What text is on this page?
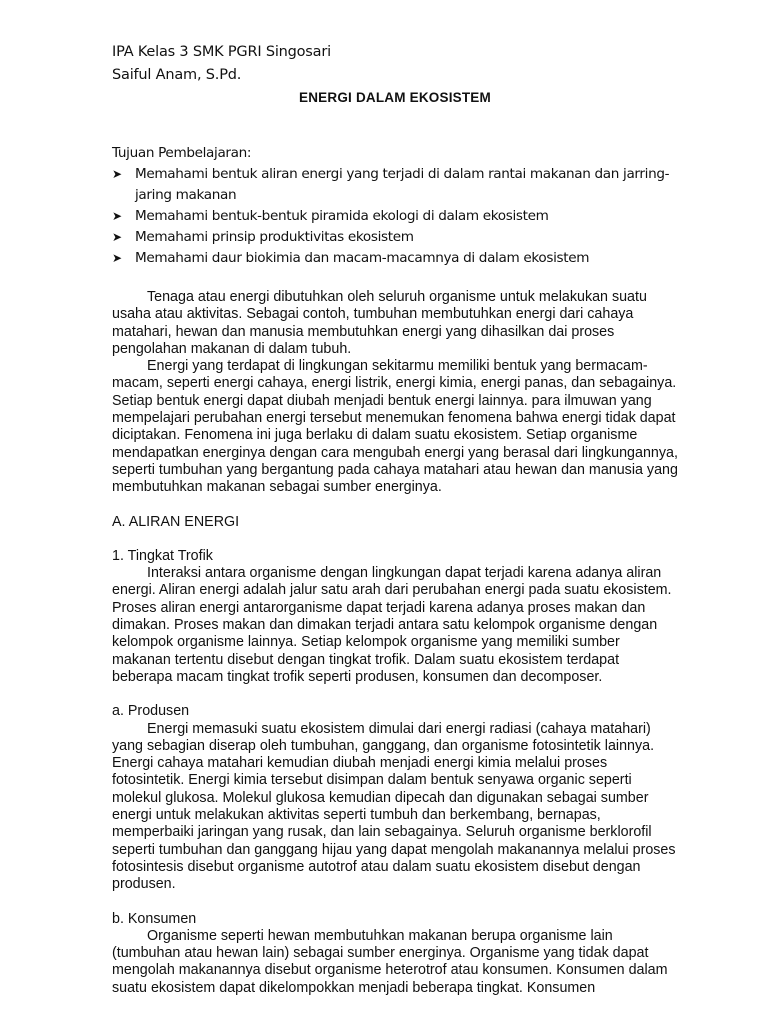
IPA Kelas 3 SMK PGRI Singosari
Saiful Anam, S.Pd.
ENERGI DALAM EKOSISTEM
Tujuan Pembelajaran:
➤ Memahami bentuk aliran energi yang terjadi di dalam rantai makanan dan jarring-jaring makanan
➤ Memahami bentuk-bentuk piramida ekologi di dalam ekosistem
➤ Memahami prinsip produktivitas ekosistem
➤ Memahami daur biokimia dan macam-macamnya di dalam ekosistem

Tenaga atau energi dibutuhkan oleh seluruh organisme untuk melakukan suatu usaha atau aktivitas. Sebagai contoh, tumbuhan membutuhkan energi dari cahaya matahari, hewan dan manusia membutuhkan energi yang dihasilkan dai proses pengolahan makanan di dalam tubuh.

Energi yang terdapat di lingkungan sekitarmu memiliki bentuk yang bermacam-macam, seperti energi cahaya, energi listrik, energi kimia, energi panas, dan sebagainya. Setiap bentuk energi dapat diubah menjadi bentuk energi lainnya. para ilmuwan yang mempelajari perubahan energi tersebut menemukan fenomena bahwa energi tidak dapat diciptakan. Fenomena ini juga berlaku di dalam suatu ekosistem. Setiap organisme mendapatkan energinya dengan cara mengubah energi yang berasal dari lingkungannya, seperti tumbuhan yang bergantung pada cahaya matahari atau hewan dan manusia yang membutuhkan makanan sebagai sumber energinya.

A. ALIRAN ENERGI
1. Tingkat Trofik

Interaksi antara organisme dengan lingkungan dapat terjadi karena adanya aliran energi. Aliran energi adalah jalur satu arah dari perubahan energi pada suatu ekosistem. Proses aliran energi antarorganisme dapat terjadi karena adanya proses makan dan dimakan. Proses makan dan dimakan terjadi antara satu kelompok organisme dengan kelompok organisme lainnya. Setiap kelompok organisme yang memiliki sumber makanan tertentu disebut dengan tingkat trofik. Dalam suatu ekosistem terdapat beberapa macam tingkat trofik seperti produsen, konsumen dan decomposer.

a. Produsen

Energi memasuki suatu ekosistem dimulai dari energi radiasi (cahaya matahari) yang sebagian diserap oleh tumbuhan, ganggang, dan organisme fotosintetik lainnya. Energi cahaya matahari kemudian diubah menjadi energi kimia melalui proses fotosintetik. Energi kimia tersebut disimpan dalam bentuk senyawa organic seperti molekul glukosa. Molekul glukosa kemudian dipecah dan digunakan sebagai sumber energi untuk melakukan aktivitas seperti tumbuh dan berkembang, bernapas, memperbaiki jaringan yang rusak, dan lain sebagainya. Seluruh organisme berklorofil seperti tumbuhan dan ganggang hijau yang dapat mengolah makanannya melalui proses fotosintesis disebut organisme autotrof atau dalam suatu ekosistem disebut dengan produsen.

b. Konsumen

Organisme seperti hewan membutuhkan makanan berupa organisme lain (tumbuhan atau hewan lain) sebagai sumber energinya. Organisme yang tidak dapat mengolah makanannya disebut organisme heterotrof atau konsumen. Konsumen dalam suatu ekosistem dapat dikelompokkan menjadi beberapa tingkat. Konsumen
